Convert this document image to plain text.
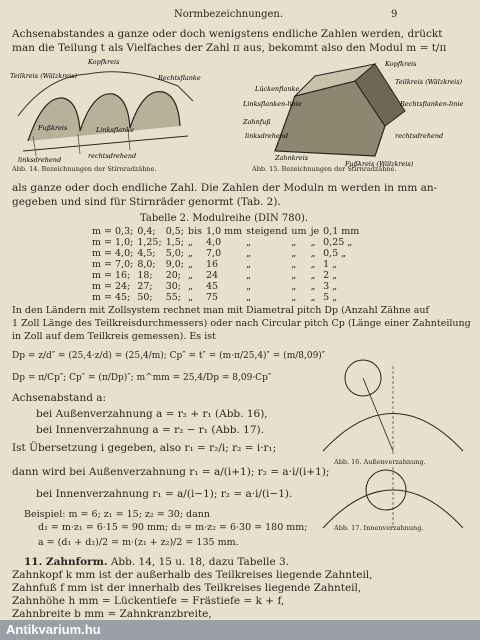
Normbezeichnungen.	9
Achsenabstandes a ganze oder doch wenigstens endliche Zahlen werden, drückt
man die Teilung t als Vielfaches der Zahl π aus, bekommt also den Modul m = t/π
Kopfkreis
Teilkreis (Wälzkreis)	Rechtsflanke
Fußkreis	Linksflanke
linksdrehend	rechtsdrehend
Abb. 14. Bezeichnungen der Stirnradzähne.
Kopfkreis
Lückenflanke
Teilkreis (Wälzkreis)
Linksflanken-linie	Rechtsflanken-linie
Zahnfuß
linksdrehend	rechtsdrehend
Zahnkreis
Fußkreis (Wälzkreis)
Abb. 15. Bezeichnungen der Stirnradzähne.
als ganze oder doch endliche Zahl. Die Zahlen der Moduln m werden in mm an-
gegeben und sind für Stirnräder genormt (Tab. 2).
Tabelle 2. Modulreihe (DIN 780).
m = 0,3;	0,4;	0,5;	bis	1,0 mm	steigend	um	je	0,1 mm
m = 1,0;	1,25;	1,5;	„	4,0	„	„	„	0,25 „
m = 4,0;	4,5;	5,0;	„	7,0	„	„	„	0,5 „
m = 7,0;	8,0;	9,0;	„	16	„	„	„	1 „
m = 16;	18;	20;	„	24	„	„	„	2 „
m = 24;	27;	30;	„	45	„	„	„	3 „
m = 45;	50;	55;	„	75	„	„	„	5 „
In den Ländern mit Zollsystem rechnet man mit Diametral pitch Dp (Anzahl Zähne auf
1 Zoll Länge des Teilkreisdurchmessers) oder nach Circular pitch Cp (Länge einer Zahnteilung
in Zoll auf dem Teilkreis gemessen). Es ist
Dp = z/d″ = (25,4·z/d) = (25,4/m); Cp″ = t″ = (m·π/25,4)″ = (m/8,09)″
Dp = π/Cp″; Cp″ = (π/Dp)″; m^mm = 25,4/Dp = 8,09·Cp″
Achsenabstand a:
bei Außenverzahnung a = r₂ + r₁ (Abb. 16),
bei Innenverzahnung a = r₂ − r₁ (Abb. 17).
Ist Übersetzung i gegeben, also r₁ = r₂/i; r₂ = i·r₁;
dann wird bei Außenverzahnung r₁ = a/(i+1); r₂ = a·i/(i+1);
bei Innenverzahnung r₁ = a/(i−1); r₂ = a·i/(i−1).
Beispiel: m = 6; z₁ = 15; z₂ = 30; dann
d₁ = m·z₁ = 6·15 = 90 mm; d₂ = m·z₂ = 6·30 = 180 mm;
a = (d₁ + d₂)/2 = m·(z₁ + z₂)/2 = 135 mm.
Abb. 16. Außenverzahnung.
Abb. 17. Innenverzahnung.
11. Zahnform. Abb. 14, 15 u. 18, dazu Tabelle 3.
Zahnkopf k mm ist der außerhalb des Teilkreises liegende Zahnteil,
Zahnfuß f mm ist der innerhalb des Teilkreises liegende Zahnteil,
Zahnhöhe h mm = Lückentiefe = Frästiefe = k + f,
Zahnbreite b mm = Zahnkranzbreite,
Antikvarium.hu
